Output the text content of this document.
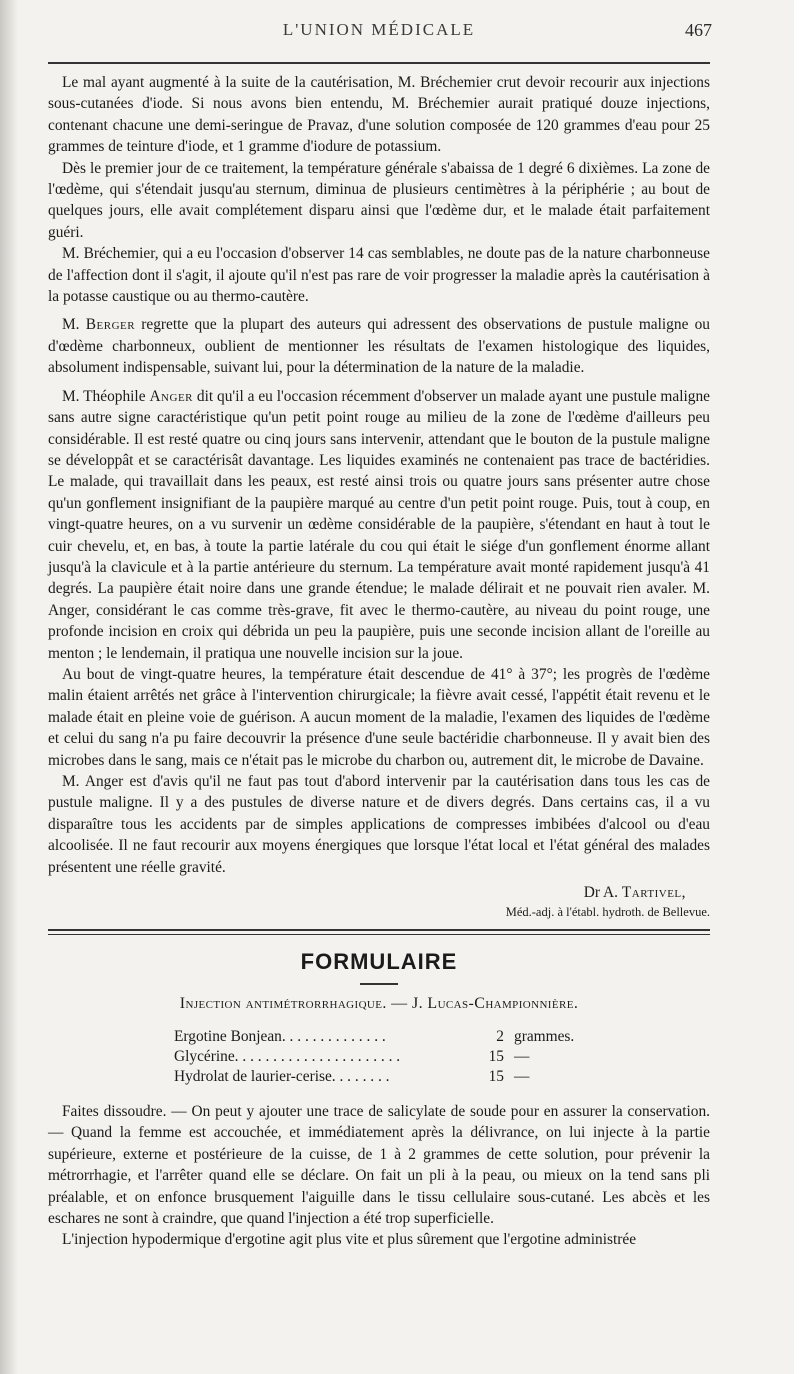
L'UNION MÉDICALE	467

Le mal ayant augmenté à la suite de la cautérisation, M. Bréchemier crut devoir recourir aux injections sous-cutanées d'iode. Si nous avons bien entendu, M. Bréchemier aurait pratiqué douze injections, contenant chacune une demi-seringue de Pravaz, d'une solution composée de 120 grammes d'eau pour 25 grammes de teinture d'iode, et 1 gramme d'iodure de potassium.

Dès le premier jour de ce traitement, la température générale s'abaissa de 1 degré 6 dixièmes. La zone de l'œdème, qui s'étendait jusqu'au sternum, diminua de plusieurs centimètres à la périphérie ; au bout de quelques jours, elle avait complétement disparu ainsi que l'œdème dur, et le malade était parfaitement guéri.

M. Bréchemier, qui a eu l'occasion d'observer 14 cas semblables, ne doute pas de la nature charbonneuse de l'affection dont il s'agit, il ajoute qu'il n'est pas rare de voir progresser la maladie après la cautérisation à la potasse caustique ou au thermo-cautère.

M. Berger regrette que la plupart des auteurs qui adressent des observations de pustule maligne ou d'œdème charbonneux, oublient de mentionner les résultats de l'examen histologique des liquides, absolument indispensable, suivant lui, pour la détermination de la nature de la maladie.

M. Théophile Anger dit qu'il a eu l'occasion récemment d'observer un malade ayant une pustule maligne sans autre signe caractéristique qu'un petit point rouge au milieu de la zone de l'œdème d'ailleurs peu considérable. Il est resté quatre ou cinq jours sans intervenir, attendant que le bouton de la pustule maligne se développât et se caractérisât davantage. Les liquides examinés ne contenaient pas trace de bactéridies. Le malade, qui travaillait dans les peaux, est resté ainsi trois ou quatre jours sans présenter autre chose qu'un gonflement insignifiant de la paupière marqué au centre d'un petit point rouge. Puis, tout à coup, en vingt-quatre heures, on a vu survenir un œdème considérable de la paupière, s'étendant en haut à tout le cuir chevelu, et, en bas, à toute la partie latérale du cou qui était le siége d'un gonflement énorme allant jusqu'à la clavicule et à la partie antérieure du sternum. La température avait monté rapidement jusqu'à 41 degrés. La paupière était noire dans une grande étendue; le malade délirait et ne pouvait rien avaler. M. Anger, considérant le cas comme très-grave, fit avec le thermo-cautère, au niveau du point rouge, une profonde incision en croix qui débrida un peu la paupière, puis une seconde incision allant de l'oreille au menton ; le lendemain, il pratiqua une nouvelle incision sur la joue.

Au bout de vingt-quatre heures, la température était descendue de 41° à 37°; les progrès de l'œdème malin étaient arrêtés net grâce à l'intervention chirurgicale; la fièvre avait cessé, l'appétit était revenu et le malade était en pleine voie de guérison. A aucun moment de la maladie, l'examen des liquides de l'œdème et celui du sang n'a pu faire decouvrir la présence d'une seule bactéridie charbonneuse. Il y avait bien des microbes dans le sang, mais ce n'était pas le microbe du charbon ou, autrement dit, le microbe de Davaine.

M. Anger est d'avis qu'il ne faut pas tout d'abord intervenir par la cautérisation dans tous les cas de pustule maligne. Il y a des pustules de diverse nature et de divers degrés. Dans certains cas, il a vu disparaître tous les accidents par de simples applications de compresses imbibées d'alcool ou d'eau alcoolisée. Il ne faut recourir aux moyens énergiques que lorsque l'état local et l'état général des malades présentent une réelle gravité.

Dr A. Tartivel,
Méd.-adj. à l'établ. hydroth. de Bellevue.
FORMULAIRE
Injection antimétrorrhagique. — J. Lucas-Championnière.
Ergotine Bonjean. . . . . . . . . . . . . .	2 grammes.
Glycérine. . . . . . . . . . . . . . . . . . . . . .	15 —
Hydrolat de laurier-cerise. . . . . . . .	15 —

Faites dissoudre. — On peut y ajouter une trace de salicylate de soude pour en assurer la conservation. — Quand la femme est accouchée, et immédiatement après la délivrance, on lui injecte à la partie supérieure, externe et postérieure de la cuisse, de 1 à 2 grammes de cette solution, pour prévenir la métrorrhagie, et l'arrêter quand elle se déclare. On fait un pli à la peau, ou mieux on la tend sans pli préalable, et on enfonce brusquement l'aiguille dans le tissu cellulaire sous-cutané. Les abcès et les eschares ne sont à craindre, que quand l'injection a été trop superficielle.

L'injection hypodermique d'ergotine agit plus vite et plus sûrement que l'ergotine administrée
